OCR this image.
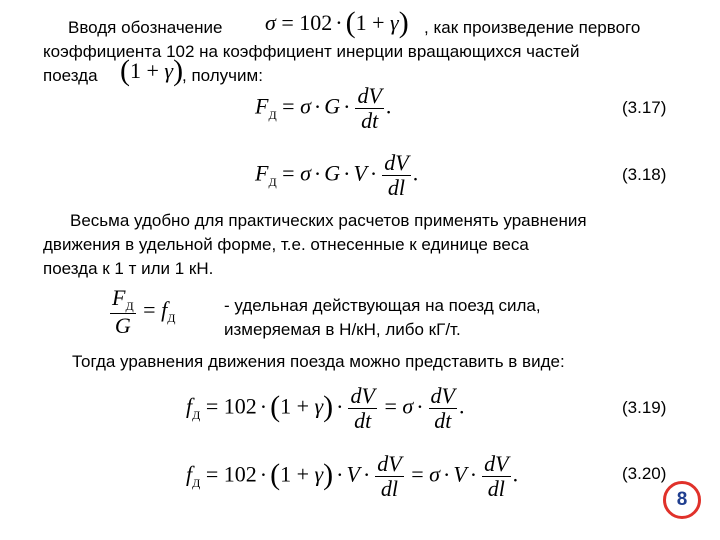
Вводя обозначение σ = 102 · (1 + γ) , как произведение первого
коэффициента 102 на коэффициент инерции вращающихся частей
поезда (1 + γ)
, получим:
$F_Д = \sigma \cdot G \cdot \frac{dV}{dt}$ .	(3.17)
$F_Д = \sigma \cdot G \cdot V \cdot \frac{dV}{dl}$ .	(3.18)
Весьма удобно для практических расчетов применять уравнения
движения в удельной форме, т.е. отнесенные к единице веса
поезда к 1 т или 1 кН.
$\frac{F_Д}{G} = f_Д$
- удельная действующая на поезд сила,
измеряемая в Н/кН, либо кГ/т.
Тогда уравнения движения поезда можно представить в виде:
$f_Д = 102 \cdot (1 + \gamma) \cdot \frac{dV}{dt} = \sigma \cdot \frac{dV}{dt}$ .	(3.19)
$f_Д = 102 \cdot (1 + \gamma) \cdot V \cdot \frac{dV}{dl} = \sigma \cdot V \cdot \frac{dV}{dl}$ .	(3.20)
8
